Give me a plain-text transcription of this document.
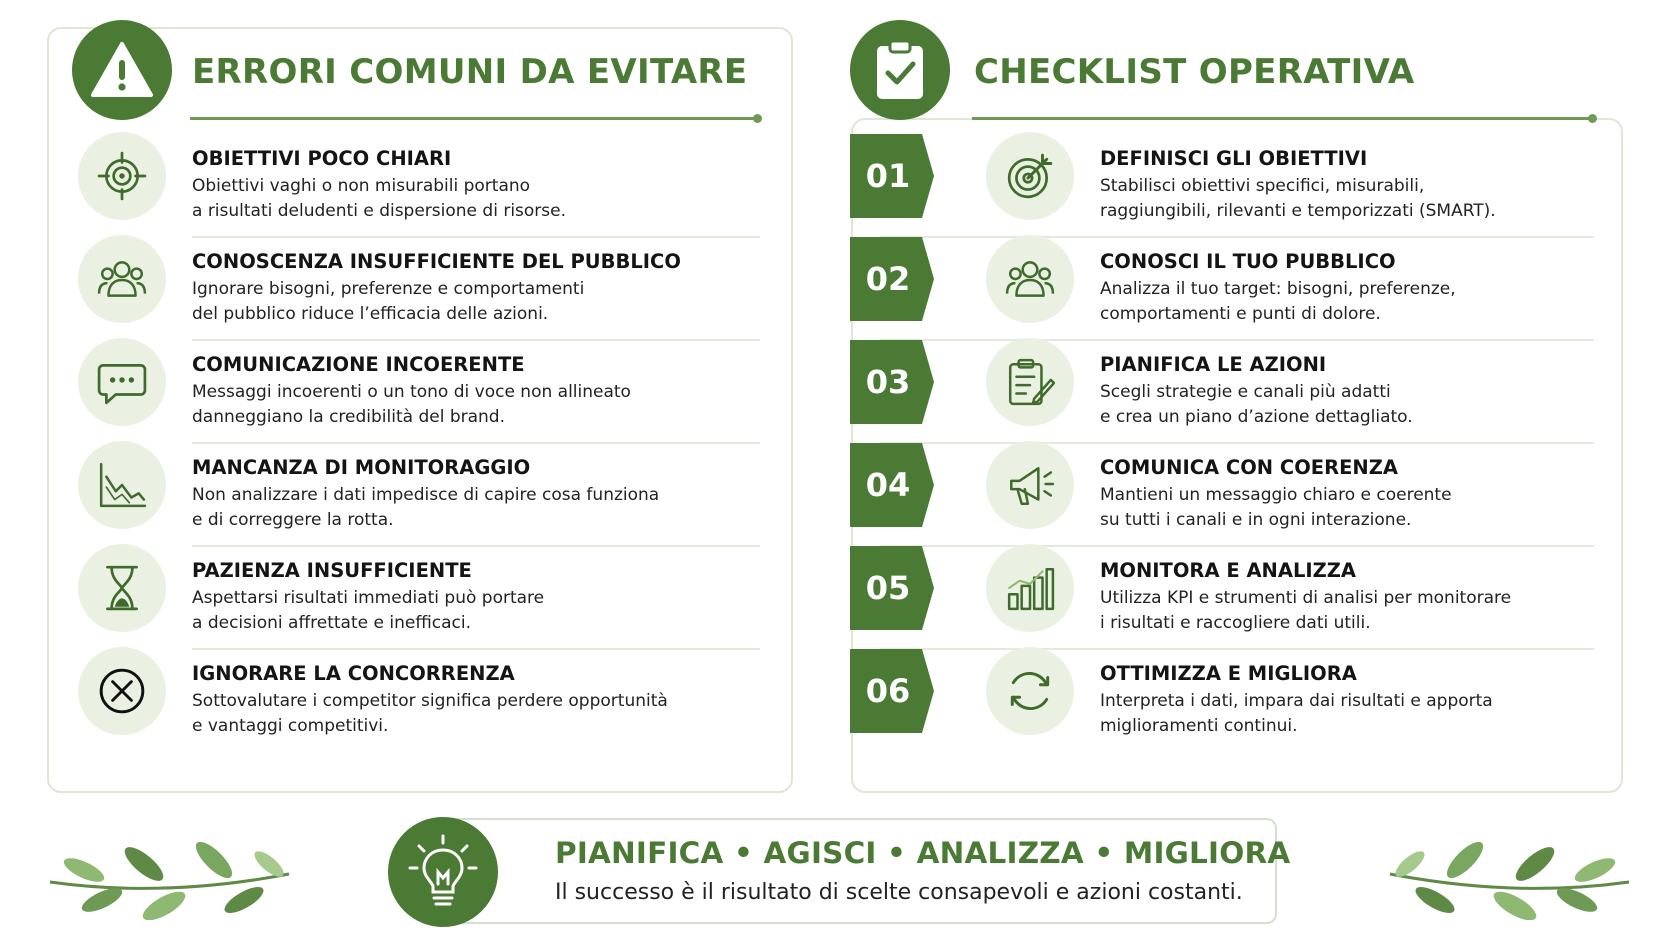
ERRORI COMUNI DA EVITARE
OBIETTIVI POCO CHIARI
Obiettivi vaghi o non misurabili portano
a risultati deludenti e dispersione di risorse.
CONOSCENZA INSUFFICIENTE DEL PUBBLICO
Ignorare bisogni, preferenze e comportamenti
del pubblico riduce l’efficacia delle azioni.
COMUNICAZIONE INCOERENTE
Messaggi incoerenti o un tono di voce non allineato
danneggiano la credibilità del brand.
MANCANZA DI MONITORAGGIO
Non analizzare i dati impedisce di capire cosa funziona
e di correggere la rotta.
PAZIENZA INSUFFICIENTE
Aspettarsi risultati immediati può portare
a decisioni affrettate e inefficaci.
IGNORARE LA CONCORRENZA
Sottovalutare i competitor significa perdere opportunità
e vantaggi competitivi.
CHECKLIST OPERATIVA
01	DEFINISCI GLI OBIETTIVI
Stabilisci obiettivi specifici, misurabili,
raggiungibili, rilevanti e temporizzati (SMART).
02	CONOSCI IL TUO PUBBLICO
Analizza il tuo target: bisogni, preferenze,
comportamenti e punti di dolore.
03	PIANIFICA LE AZIONI
Scegli strategie e canali più adatti
e crea un piano d’azione dettagliato.
04	COMUNICA CON COERENZA
Mantieni un messaggio chiaro e coerente
su tutti i canali e in ogni interazione.
05	MONITORA E ANALIZZA
Utilizza KPI e strumenti di analisi per monitorare
i risultati e raccogliere dati utili.
06	OTTIMIZZA E MIGLIORA
Interpreta i dati, impara dai risultati e apporta
miglioramenti continui.
PIANIFICA • AGISCI • ANALIZZA • MIGLIORA
Il successo è il risultato di scelte consapevoli e azioni costanti.
